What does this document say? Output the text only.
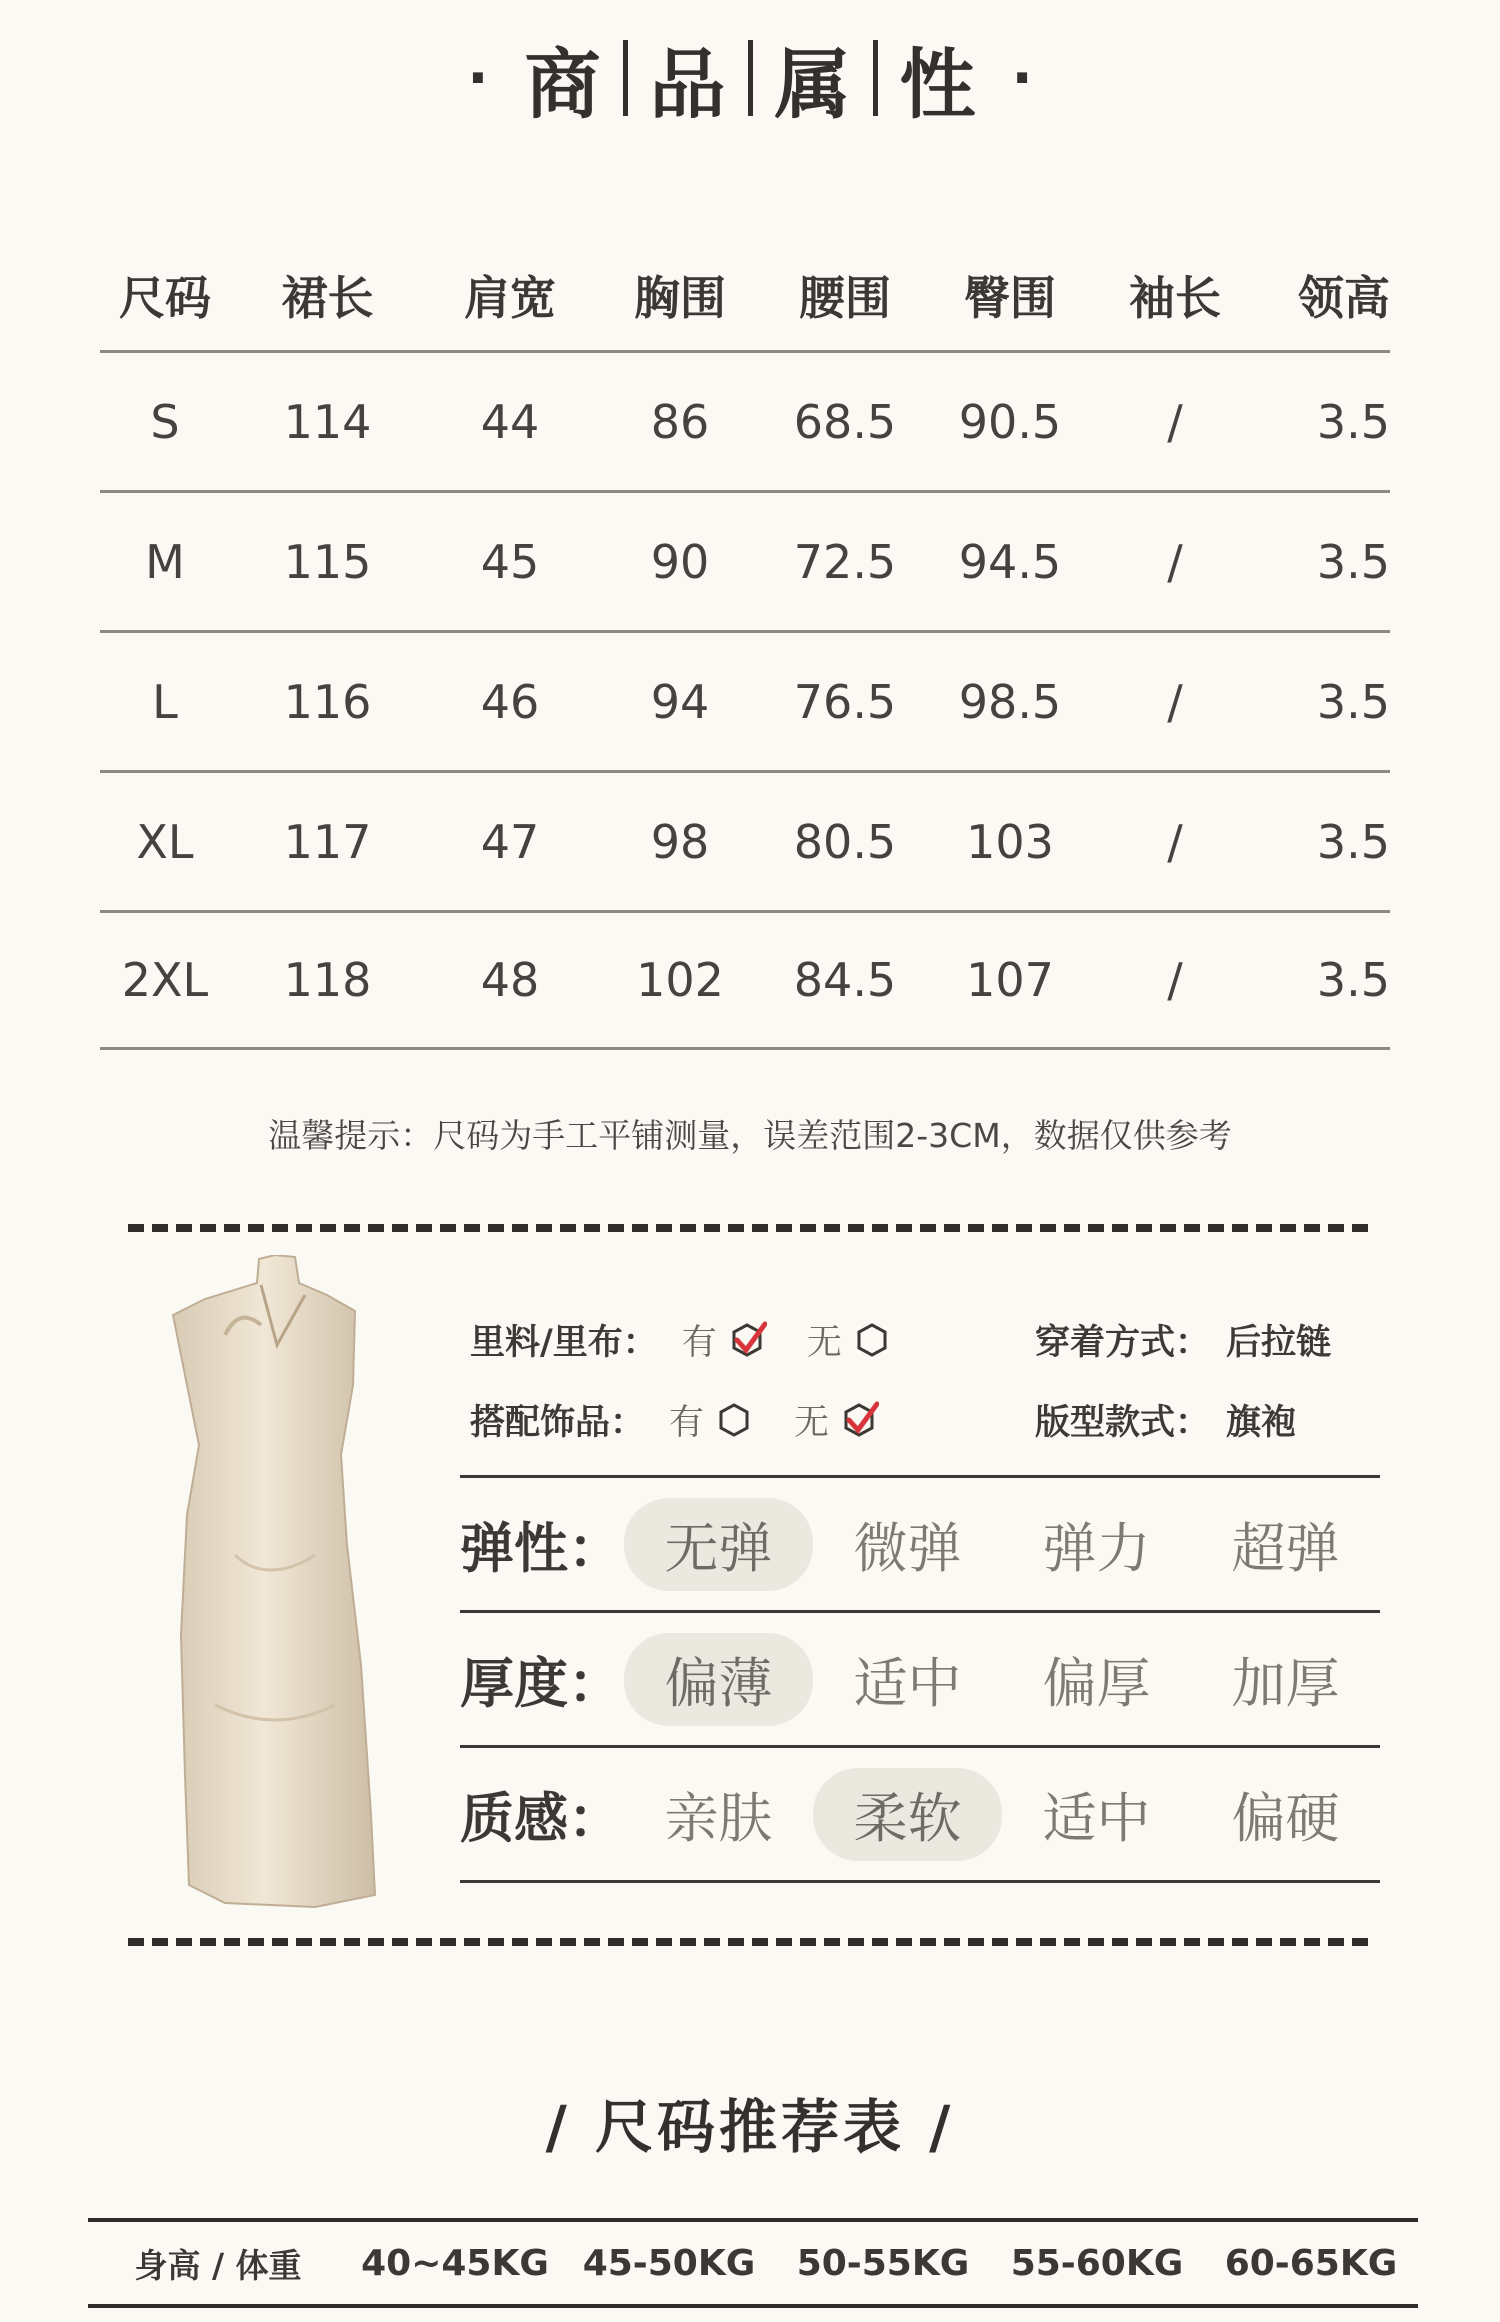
· 商 品 属 性 ·
尺码	裙长	肩宽	胸围	腰围	臀围	袖长	领高
S	114	44	86	68.5	90.5	/	3.5
M	115	45	90	72.5	94.5	/	3.5
L	116	46	94	76.5	98.5	/	3.5
XL	117	47	98	80.5	103	/	3.5
2XL	118	48	102	84.5	107	/	3.5
温馨提示：尺码为手工平铺测量，误差范围2-3CM，数据仅供参考
里料/里布： 有	无	穿着方式： 后拉链
搭配饰品： 有	无	版型款式： 旗袍
弹性： 无弹	微弹	弹力	超弹
厚度： 偏薄	适中	偏厚	加厚
质感： 亲肤	柔软	适中	偏硬
/ 尺码推荐表 /
身高 / 体重	40~45KG 45-50KG	50-55KG	55-60KG	60-65KG
